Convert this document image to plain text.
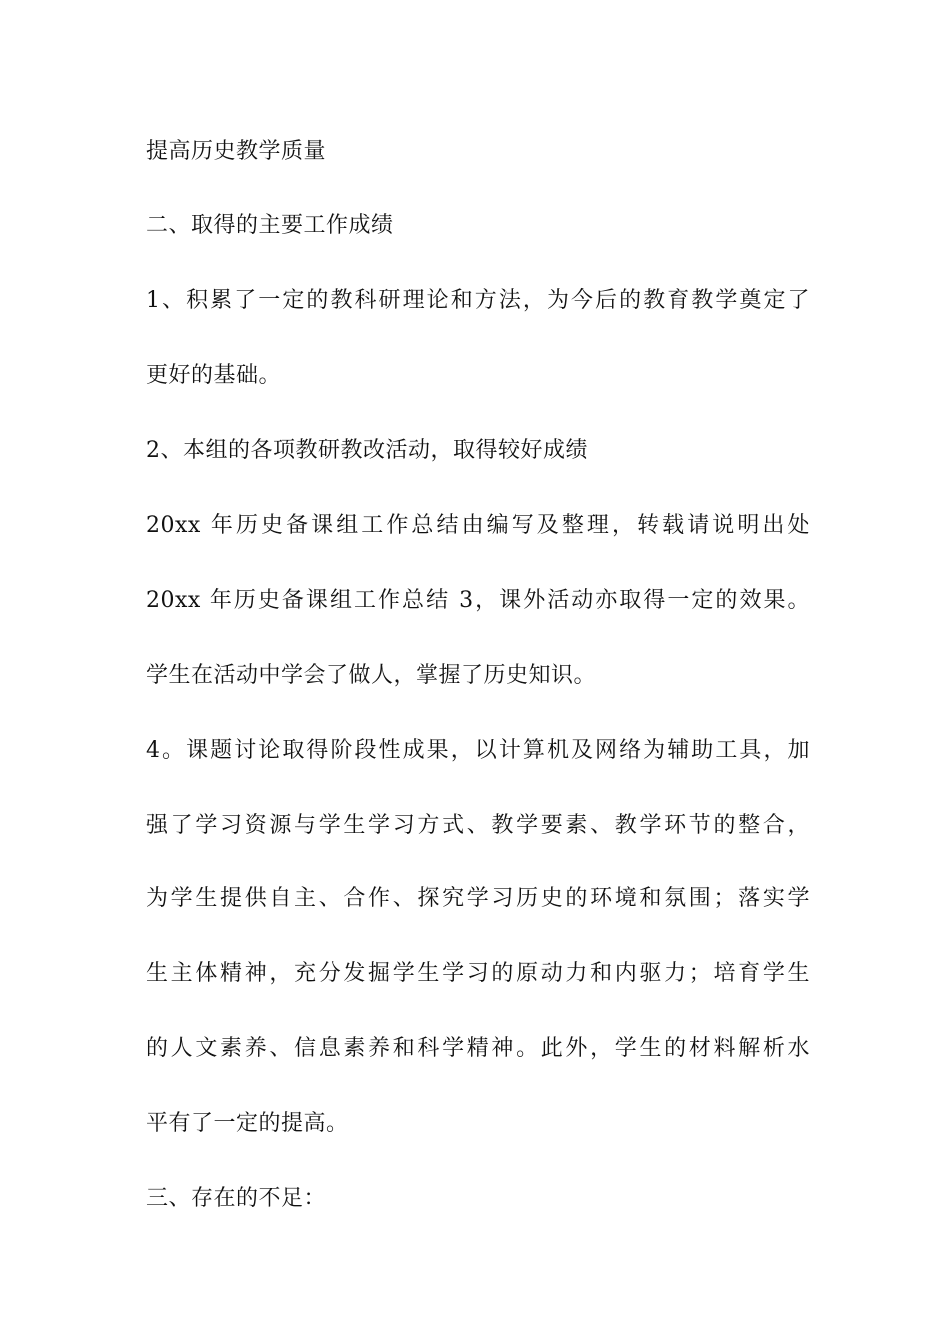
提高历史教学质量
二、取得的主要工作成绩
1、积累了一定的教科研理论和方法，为今后的教育教学奠定了
更好的基础。
2、本组的各项教研教改活动，取得较好成绩
20xx 年历史备课组工作总结由编写及整理，转载请说明出处
20xx 年历史备课组工作总结 3，课外活动亦取得一定的效果。
学生在活动中学会了做人，掌握了历史知识。
4。课题讨论取得阶段性成果，以计算机及网络为辅助工具，加
强了学习资源与学生学习方式、教学要素、教学环节的整合，
为学生提供自主、合作、探究学习历史的环境和氛围；落实学
生主体精神，充分发掘学生学习的原动力和内驱力；培育学生
的人文素养、信息素养和科学精神。此外，学生的材料解析水
平有了一定的提高。
三、存在的不足：
